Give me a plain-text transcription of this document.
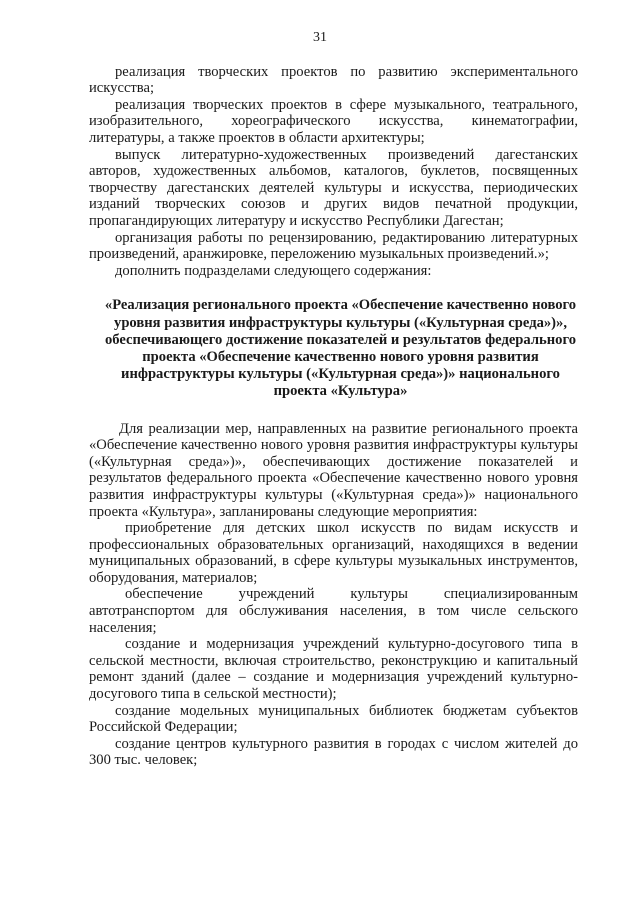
31

реализация творческих проектов по развитию экспериментального искусства;

реализация творческих проектов в сфере музыкального, театрального, изобразительного, хореографического искусства, кинематографии, литературы, а также проектов в области архитектуры;

выпуск литературно-художественных произведений дагестанских авторов, художественных альбомов, каталогов, буклетов, посвященных творчеству дагестанских деятелей культуры и искусства, периодических изданий творческих союзов и других видов печатной продукции, пропагандирующих литературу и искусство Республики Дагестан;

организация работы по рецензированию, редактированию литературных произведений, аранжировке, переложению музыкальных произведений.»;

дополнить подразделами следующего содержания:

«Реализация регионального проекта «Обеспечение качественно нового уровня развития инфраструктуры культуры («Культурная среда»)», обеспечивающего достижение показателей и результатов федерального проекта «Обеспечение качественно нового уровня развития инфраструктуры культуры («Культурная среда»)» национального проекта «Культура»

Для реализации мер, направленных на развитие регионального проекта «Обеспечение качественно нового уровня развития инфраструктуры культуры («Культурная среда»)», обеспечивающих достижение показателей и результатов федерального проекта «Обеспечение качественно нового уровня развития инфраструктуры культуры («Культурная среда»)» национального проекта «Культура», запланированы следующие мероприятия:

приобретение для детских школ искусств по видам искусств и профессиональных образовательных организаций, находящихся в ведении муниципальных образований, в сфере культуры музыкальных инструментов, оборудования, материалов;

обеспечение учреждений культуры специализированным автотранспортом для обслуживания населения, в том числе сельского населения;

создание и модернизация учреждений культурно-досугового типа в сельской местности, включая строительство, реконструкцию и капитальный ремонт зданий (далее – создание и модернизация учреждений культурно-досугового типа в сельской местности);

создание модельных муниципальных библиотек бюджетам субъектов Российской Федерации;

создание центров культурного развития в городах с числом жителей до 300 тыс. человек;
